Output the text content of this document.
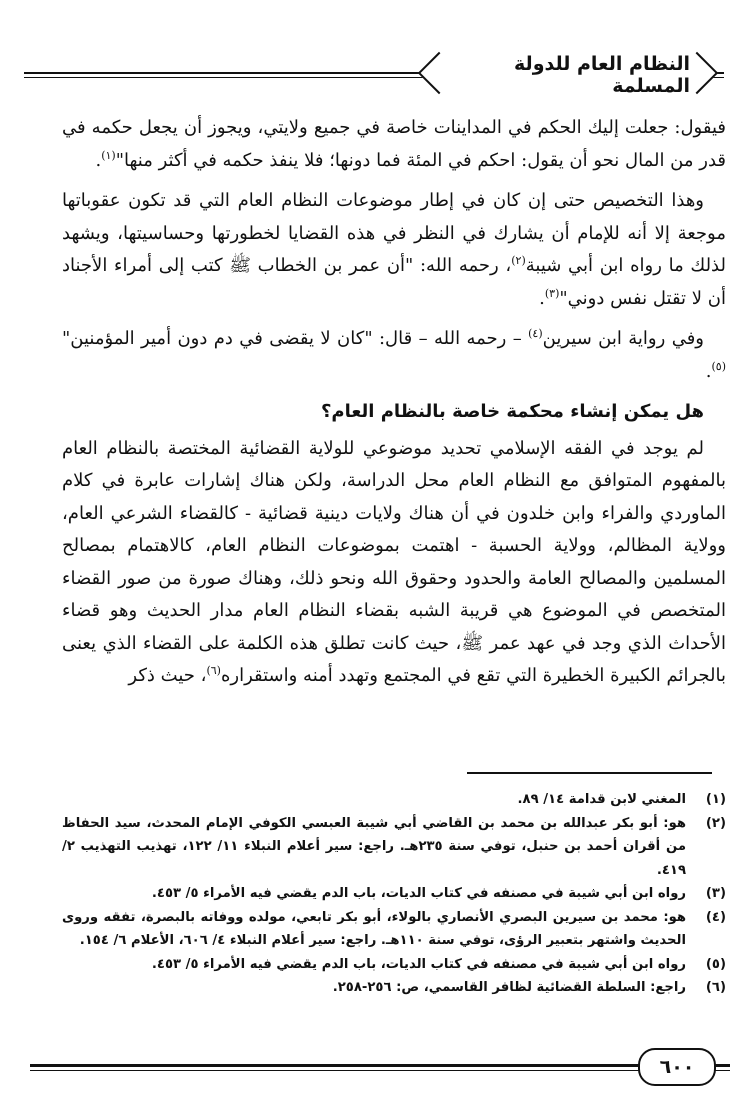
النظام العام للدولة المسلمة

فيقول: جعلت إليك الحكم في المداينات خاصة في جميع ولايتي، ويجوز أن يجعل حكمه في قدر من المال نحو أن يقول: احكم في المئة فما دونها؛ فلا ينفذ حكمه في أكثر منها"$^{(١)}$.

وهذا التخصيص حتى إن كان في إطار موضوعات النظام العام التي قد تكون عقوباتها موجعة إلا أنه للإمام أن يشارك في النظر في هذه القضايا لخطورتها وحساسيتها، ويشهد لذلك ما رواه ابن أبي شيبة$^{(٢)}$، رحمه الله: "أن عمر بن الخطاب ﷺ كتب إلى أمراء الأجناد أن لا تقتل نفس دوني"$^{(٣)}$.

وفي رواية ابن سيرين$^{(٤)}$ – رحمه الله – قال: "كان لا يقضى في دم دون أمير المؤمنين"$^{(٥)}$.

هل يمكن إنشاء محكمة خاصة بالنظام العام؟

لم يوجد في الفقه الإسلامي تحديد موضوعي للولاية القضائية المختصة بالنظام العام بالمفهوم المتوافق مع النظام العام محل الدراسة، ولكن هناك إشارات عابرة في كلام الماوردي والفراء وابن خلدون في أن هناك ولايات دينية قضائية - كالقضاء الشرعي العام، وولاية المظالم، وولاية الحسبة - اهتمت بموضوعات النظام العام، كالاهتمام بمصالح المسلمين والمصالح العامة والحدود وحقوق الله ونحو ذلك، وهناك صورة من صور القضاء المتخصص في الموضوع هي قريبة الشبه بقضاء النظام العام مدار الحديث وهو قضاء الأحداث الذي وجد في عهد عمر ﷺ، حيث كانت تطلق هذه الكلمة على القضاء الذي يعنى بالجرائم الكبيرة الخطيرة التي تقع في المجتمع وتهدد أمنه واستقراره$^{(٦)}$، حيث ذكر

(١)
المغني لابن قدامة ١٤/ ٨٩.
(٢)
هو: أبو بكر عبدالله بن محمد بن القاضي أبي شيبة العبسي الكوفي الإمام المحدث، سيد الحفاظ من أقران أحمد بن حنبل، توفي سنة ٢٣٥هـ. راجع: سير أعلام النبلاء ١١/ ١٢٢، تهذيب التهذيب ٢/ ٤١٩.
(٣)
رواه ابن أبي شيبة في مصنفه في كتاب الديات، باب الدم يقضي فيه الأمراء ٥/ ٤٥٣.
(٤)
هو: محمد بن سيرين البصري الأنصاري بالولاء، أبو بكر تابعي، مولده ووفاته بالبصرة، تفقه وروى الحديث واشتهر بتعبير الرؤى، توفي سنة ١١٠هـ. راجع: سير أعلام النبلاء ٤/ ٦٠٦، الأعلام ٦/ ١٥٤.
(٥)
رواه ابن أبي شيبة في مصنفه في كتاب الديات، باب الدم يقضي فيه الأمراء ٥/ ٤٥٣.
(٦)
راجع: السلطة القضائية لظافر القاسمي، ص: ٢٥٦-٢٥٨.
٦٠٠
